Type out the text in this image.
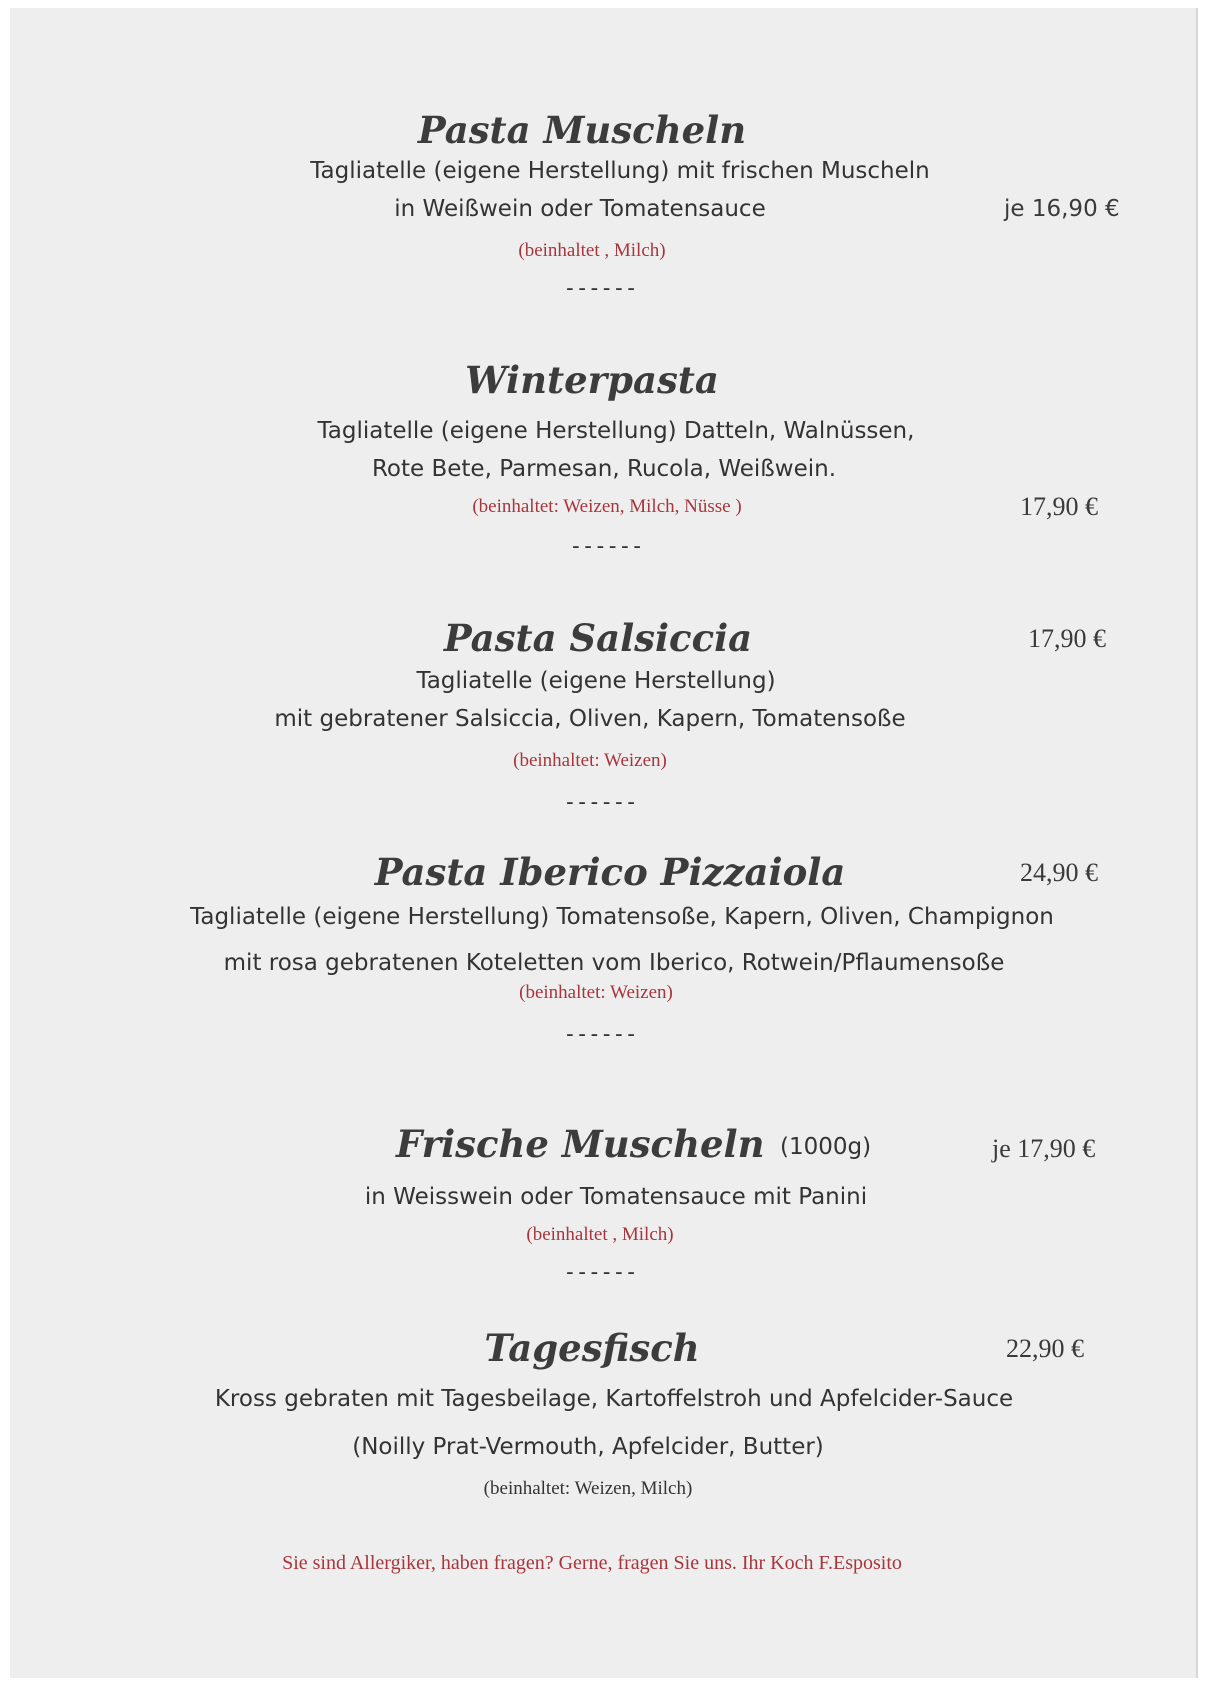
Pasta Muscheln

Tagliatelle (eigene Herstellung) mit frischen Muscheln

in Weißwein oder Tomatensauce	je 16,90 €

(beinhaltet , Milch)

------

Winterpasta

Tagliatelle (eigene Herstellung) Datteln, Walnüssen,

Rote Bete, Parmesan, Rucola, Weißwein.

(beinhaltet: Weizen, Milch, Nüsse )	17,90 €

------

Pasta Salsiccia	17,90 €

Tagliatelle (eigene Herstellung)

mit gebratener Salsiccia, Oliven, Kapern, Tomatensoße

(beinhaltet: Weizen)

------

Pasta Iberico Pizzaiola	24,90 €

Tagliatelle (eigene Herstellung) Tomatensoße, Kapern, Oliven, Champignon

mit rosa gebratenen Koteletten vom Iberico, Rotwein/Pflaumensoße

(beinhaltet: Weizen)

------

Frische Muscheln (1000g)	je 17,90 €

in Weisswein oder Tomatensauce mit Panini

(beinhaltet , Milch)

------

Tagesfisch	22,90 €

Kross gebraten mit Tagesbeilage, Kartoffelstroh und Apfelcider-Sauce

(Noilly Prat-Vermouth, Apfelcider, Butter)

(beinhaltet: Weizen, Milch)

Sie sind Allergiker, haben fragen? Gerne, fragen Sie uns. Ihr Koch F.Esposito
